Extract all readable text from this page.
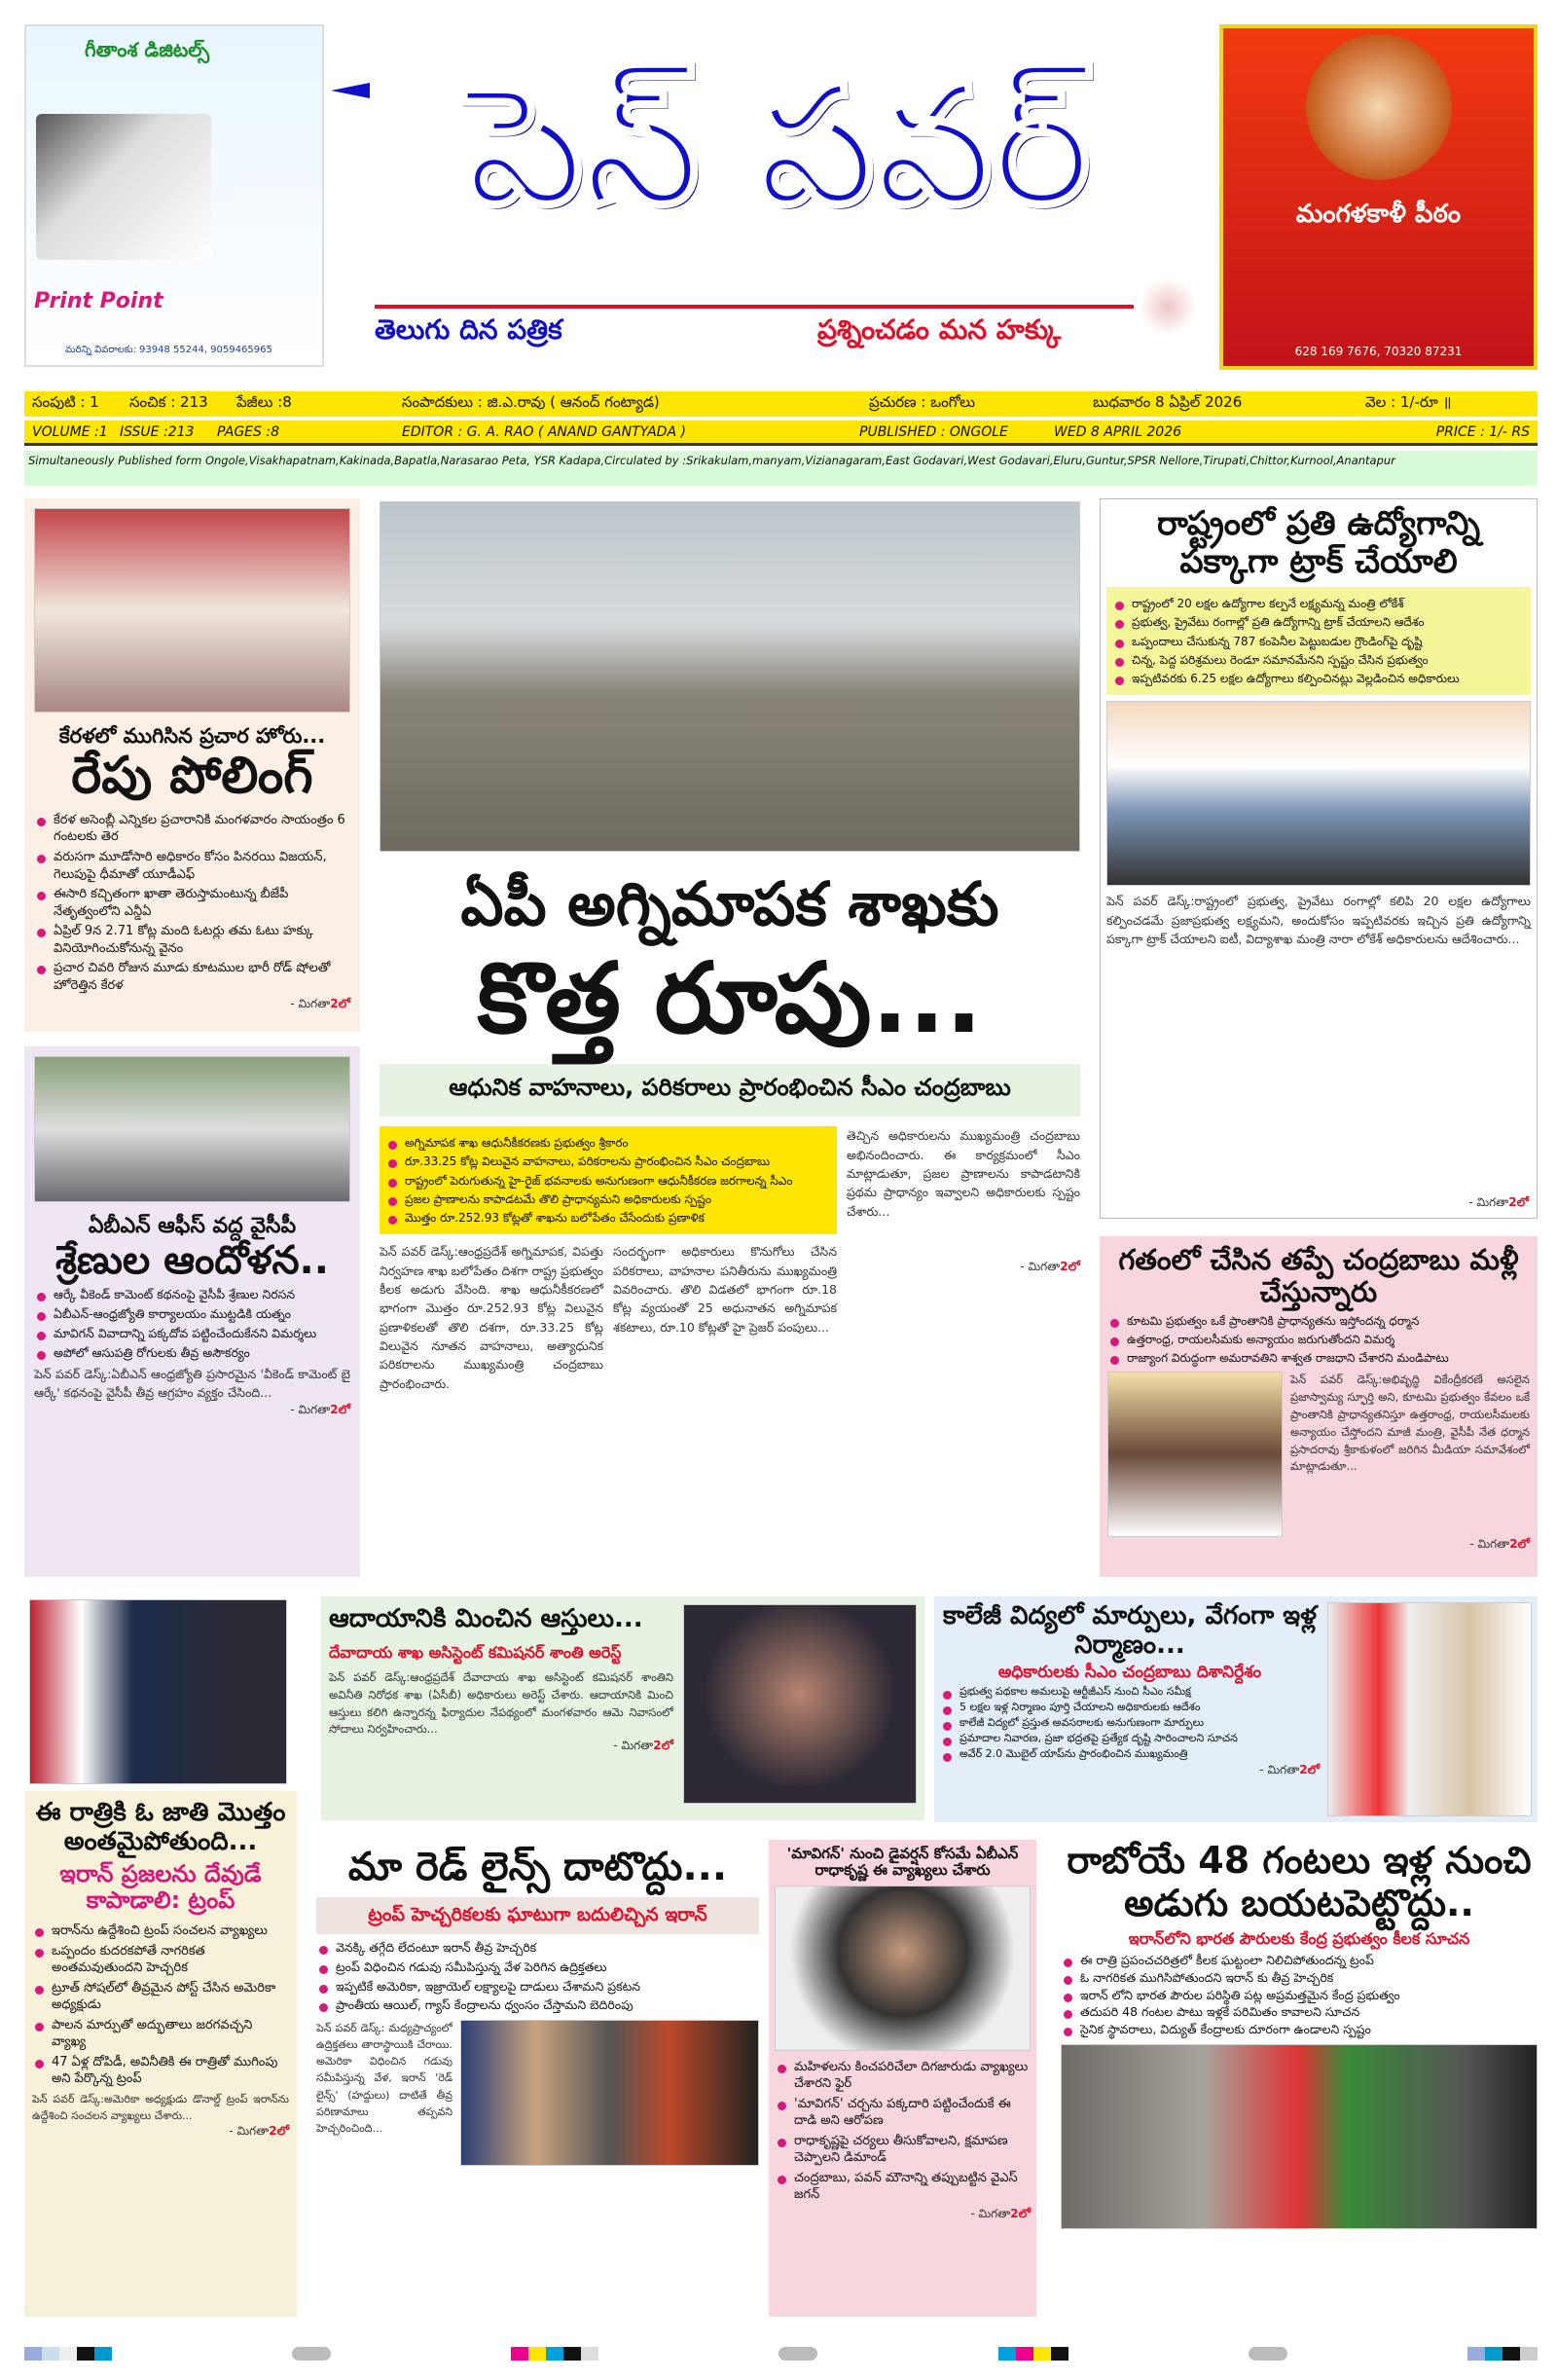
గీతాంశ డిజిటల్స్
Print Point
మరిన్ని వివరాలకు: 93948 55244, 9059465965
పెన్ పవర్
తెలుగు దిన పత్రిక	ప్రశ్నించడం మన హక్కు
మంగళకాళీ పీఠం
628 169 7676, 70320 87231
సంపుటి : 1	సంచిక : 213	పేజీలు :8	సంపాదకులు : జి.ఎ.రావు ( ఆనంద్ గంట్యాడ)	ప్రచురణ : ఒంగోలు	బుధవారం 8 ఏప్రిల్ 2026	వెల : 1/-రూ ॥
VOLUME :1 ISSUE :213	PAGES :8	EDITOR : G. A. RAO ( ANAND GANTYADA )	PUBLISHED : ONGOLE	WED 8 APRIL 2026	PRICE : 1/- RS
Simultaneously Published form Ongole,Visakhapatnam,Kakinada,Bapatla,Narasarao Peta, YSR Kadapa,Circulated by :Srikakulam,manyam,Vizianagaram,East Godavari,West Godavari,Eluru,Guntur,SPSR Nellore,Tirupati,Chittor,Kurnool,Anantapur
కేరళలో ముగిసిన ప్రచార హోరు...
రేపు పోలింగ్
కేరళ అసెంబ్లీ ఎన్నికల ప్రచారానికి మంగళవారం సాయంత్రం 6 గంటలకు తెర
వరుసగా మూడోసారి అధికారం కోసం పినరయి విజయన్, గెలుపుపై ధీమాతో యూడీఎఫ్
ఈసారి కచ్చితంగా ఖాతా తెరుస్తామంటున్న బీజేపీ నేతృత్వంలోని ఎన్డీఏ
ఏప్రిల్ 9న 2.71 కోట్ల మంది ఓటర్లు తమ ఓటు హక్కు వినియోగించుకోనున్న వైనం
ప్రచార చివరి రోజున మూడు కూటముల భారీ రోడ్ షోలతో హోరెత్తిన కేరళ
- మిగతా2లో
ఏబీఎన్ ఆఫీస్ వద్ద వైసీపీ
శ్రేణుల ఆందోళన..
ఆర్కే వీకెండ్ కామెంట్ కథనంపై వైసీపీ శ్రేణుల నిరసన
ఏబీఎన్-ఆంధ్రజ్యోతి కార్యాలయం ముట్టడికి యత్నం
మావిగన్ వివాదాన్ని పక్కదోవ పట్టించేందుకేనని విమర్శలు
అపోలో ఆసుపత్రి రోగులకు తీవ్ర అసౌకర్యం
పెన్ పవర్ డెస్క్:ఏబీఎన్ ఆంధ్రజ్యోతి ప్రసారమైన 'వీకెండ్ కామెంట్ బై ఆర్కే' కథనంపై వైసీపీ తీవ్ర ఆగ్రహం వ్యక్తం చేసింది...
- మిగతా2లో
ఏపీ అగ్నిమాపక శాఖకు
కొత్త రూపు...
ఆధునిక వాహనాలు, పరికరాలు ప్రారంభించిన సీఎం చంద్రబాబు
అగ్నిమాపక శాఖ ఆధునీకీకరణకు ప్రభుత్వం శ్రీకారం
రూ.33.25 కోట్ల విలువైన వాహనాలు, పరికరాలను ప్రారంభించిన సీఎం చంద్రబాబు
రాష్ట్రంలో పెరుగుతున్న హై-రైజ్ భవనాలకు అనుగుణంగా ఆధునీకీకరణ జరగాలన్న సీఎం
ప్రజల ప్రాణాలను కాపాడటమే తొలి ప్రాధాన్యమని అధికారులకు స్పష్టం
మొత్తం రూ.252.93 కోట్లతో శాఖను బలోపేతం చేసేందుకు ప్రణాళిక
పెన్ పవర్ డెస్క్:ఆంధ్రప్రదేశ్ అగ్నిమాపక, విపత్తు నిర్వహణ శాఖ బలోపేతం దిశగా రాష్ట్ర ప్రభుత్వం కీలక అడుగు వేసింది. శాఖ ఆధునీకీకరణలో భాగంగా మొత్తం రూ.252.93 కోట్ల విలువైన ప్రణాళికలతో తొలి దశగా, రూ.33.25 కోట్ల విలువైన నూతన వాహనాలు, అత్యాధునిక పరికరాలను ముఖ్యమంత్రి చంద్రబాబు ప్రారంభించారు.
సందర్భంగా అధికారులు కొనుగోలు చేసిన పరికరాలు, వాహనాల పనితీరును ముఖ్యమంత్రి వివరించారు. తొలి విడతలో భాగంగా రూ.18 కోట్ల వ్యయంతో 25 అధునాతన అగ్నిమాపక శకటాలు, రూ.10 కోట్లతో హై ప్రెజర్ పంపులు...
తెచ్చిన అధికారులను ముఖ్యమంత్రి చంద్రబాబు అభినందించారు. ఈ కార్యక్రమంలో సీఎం మాట్లాడుతూ, ప్రజల ప్రాణాలను కాపాడటానికి ప్రథమ ప్రాధాన్యం ఇవ్వాలని అధికారులకు స్పష్టం చేశారు...
- మిగతా2లో
రాష్ట్రంలో ప్రతి ఉద్యోగాన్ని పక్కాగా ట్రాక్ చేయాలి
రాష్ట్రంలో 20 లక్షల ఉద్యోగాల కల్పనే లక్ష్యమన్న మంత్రి లోకేశ్
ప్రభుత్వ, ప్రైవేటు రంగాల్లో ప్రతి ఉద్యోగాన్ని ట్రాక్ చేయాలని ఆదేశం
ఒప్పందాలు చేసుకున్న 787 కంపెనీల పెట్టుబడుల గ్రౌండింగ్‌పై దృష్టి
చిన్న, పెద్ద పరిశ్రమలు రెండూ సమానమేనని స్పష్టం చేసిన ప్రభుత్వం
ఇప్పటివరకు 6.25 లక్షల ఉద్యోగాలు కల్పించినట్లు వెల్లడించిన అధికారులు
పెన్ పవర్ డెస్క్:రాష్ట్రంలో ప్రభుత్వ, ప్రైవేటు రంగాల్లో కలిపి 20 లక్షల ఉద్యోగాలు కల్పించడమే ప్రజాప్రభుత్వ లక్ష్యమని, అందుకోసం ఇప్పటివరకు ఇచ్చిన ప్రతి ఉద్యోగాన్ని పక్కాగా ట్రాక్ చేయాలని ఐటీ, విద్యాశాఖ మంత్రి నారా లోకేశ్ అధికారులను ఆదేశించారు...
- మిగతా2లో
గతంలో చేసిన తప్పే చంద్రబాబు మళ్లీ చేస్తున్నారు
కూటమి ప్రభుత్వం ఒకే ప్రాంతానికి ప్రాధాన్యతను ఇస్తోందన్న ధర్మాన
ఉత్తరాంధ్ర, రాయలసీమకు అన్యాయం జరుగుతోందని విమర్శ
రాజ్యాంగ విరుద్ధంగా అమరావతిని శాశ్వత రాజధాని చేశారని మండిపాటు
పెన్ పవర్ డెస్క్:అభివృద్ధి వికేంద్రీకరణే అసలైన ప్రజాస్వామ్య స్ఫూర్తి అని, కూటమి ప్రభుత్వం కేవలం ఒకే ప్రాంతానికి ప్రాధాన్యతనిస్తూ ఉత్తరాంధ్ర, రాయలసీమలకు అన్యాయం చేస్తోందని మాజీ మంత్రి, వైసీపీ నేత ధర్మాన ప్రసాదరావు శ్రీకాకుళంలో జరిగిన మీడియా సమావేశంలో మాట్లాడుతూ...
- మిగతా2లో
ఆదాయానికి మించిన ఆస్తులు...
దేవాదాయ శాఖ అసిస్టెంట్ కమిషనర్ శాంతి అరెస్ట్
పెన్ పవర్ డెస్క్:ఆంధ్రప్రదేశ్ దేవాదాయ శాఖ అసిస్టెంట్ కమిషనర్ శాంతిని అవినీతి నిరోధక శాఖ (ఏసీబీ) అధికారులు అరెస్ట్ చేశారు. ఆదాయానికి మించి ఆస్తులు కలిగి ఉన్నారన్న ఫిర్యాదుల నేపథ్యంలో మంగళవారం ఆమె నివాసంలో సోదాలు నిర్వహించారు...
- మిగతా2లో
కాలేజీ విద్యలో మార్పులు, వేగంగా ఇళ్ల నిర్మాణం...
అధికారులకు సీఎం చంద్రబాబు దిశానిర్దేశం
ప్రభుత్వ పథకాల అమలుపై ఆర్టీజీఎస్ నుంచి సీఎం సమీక్ష
5 లక్షల ఇళ్ల నిర్మాణం పూర్తి చేయాలని అధికారులకు ఆదేశం
కాలేజీ విద్యలో ప్రస్తుత అవసరాలకు అనుగుణంగా మార్పులు
ప్రమాదాల నివారణ, ప్రజా భద్రతపై ప్రత్యేక దృష్టి సారించాలని సూచన
అవేర్ 2.0 మొబైల్ యాప్‌ను ప్రారంభించిన ముఖ్యమంత్రి
- మిగతా2లో
ఈ రాత్రికి ఓ జాతి మొత్తం అంతమైపోతుంది...
ఇరాన్ ప్రజలను దేవుడే కాపాడాలి: ట్రంప్
ఇరాన్‌ను ఉద్దేశించి ట్రంప్ సంచలన వ్యాఖ్యలు
ఒప్పందం కుదరకపోతే నాగరికత అంతమవుతుందని హెచ్చరిక
ట్రూత్ సోషల్‌లో తీవ్రమైన పోస్ట్ చేసిన అమెరికా అధ్యక్షుడు
పాలన మార్పుతో అద్భుతాలు జరగవచ్చని వ్యాఖ్య
47 ఏళ్ల దోపిడీ, అవినీతికి ఈ రాత్రితో ముగింపు అని పేర్కొన్న ట్రంప్
పెన్ పవర్ డెస్క్:అమెరికా అధ్యక్షుడు డొనాల్డ్ ట్రంప్ ఇరాన్‌ను ఉద్దేశించి సంచలన వ్యాఖ్యలు చేశారు...
- మిగతా2లో
మా రెడ్ లైన్స్ దాటొద్దు...
ట్రంప్ హెచ్చరికలకు ఘాటుగా బదులిచ్చిన ఇరాన్
వెనక్కి తగ్గేది లేదంటూ ఇరాన్ తీవ్ర హెచ్చరిక
ట్రంప్ విధించిన గడువు సమీపిస్తున్న వేళ పెరిగిన ఉద్రిక్తతలు
ఇప్పటికే అమెరికా, ఇజ్రాయెల్ లక్ష్యాలపై దాడులు చేశామని ప్రకటన
ప్రాంతీయ ఆయిల్, గ్యాస్ కేంద్రాలను ధ్వంసం చేస్తామని బెదిరింపు
పెన్ పవర్ డెస్క్: మధ్యప్రాచ్యంలో ఉద్రిక్తతలు తారాస్థాయికి చేరాయి. అమెరికా విధించిన గడువు సమీపిస్తున్న వేళ, ఇరాన్ 'రెడ్ లైన్స్' (హద్దులు) దాటితే తీవ్ర పరిణామాలు తప్పవని హెచ్చరించింది...
'మావిగన్' నుంచి డైవర్షన్ కోసమే ఏబీఎన్ రాధాకృష్ణ ఈ వ్యాఖ్యలు చేశారు
మహిళలను కించపరిచేలా దిగజారుడు వ్యాఖ్యలు చేశారని ఫైర్
'మావిగన్' చర్చను పక్కదారి పట్టించేందుకే ఈ దాడి అని ఆరోపణ
రాధాకృష్ణపై చర్యలు తీసుకోవాలని, క్షమాపణ చెప్పాలని డిమాండ్
చంద్రబాబు, పవన్ మౌనాన్ని తప్పుబట్టిన వైఎస్ జగన్
- మిగతా2లో
రాబోయే 48 గంటలు ఇళ్ల నుంచి అడుగు బయటపెట్టొద్దు..
ఇరాన్‌లోని భారత పౌరులకు కేంద్ర ప్రభుత్వం కీలక సూచన
ఈ రాత్రి ప్రపంచచరిత్రలో కీలక ఘట్టంలా నిలిచిపోతుందన్న ట్రంప్
ఓ నాగరికత ముగిసిపోతుందని ఇరాన్ కు తీవ్ర హెచ్చరిక
ఇరాన్ లోని భారత పౌరుల పరిస్థితి పట్ల అప్రమత్తమైన కేంద్ర ప్రభుత్వం
తదుపరి 48 గంటల పాటు ఇళ్లకే పరిమితం కావాలని సూచన
సైనిక స్థావరాలు, విద్యుత్ కేంద్రాలకు దూరంగా ఉండాలని స్పష్టం
